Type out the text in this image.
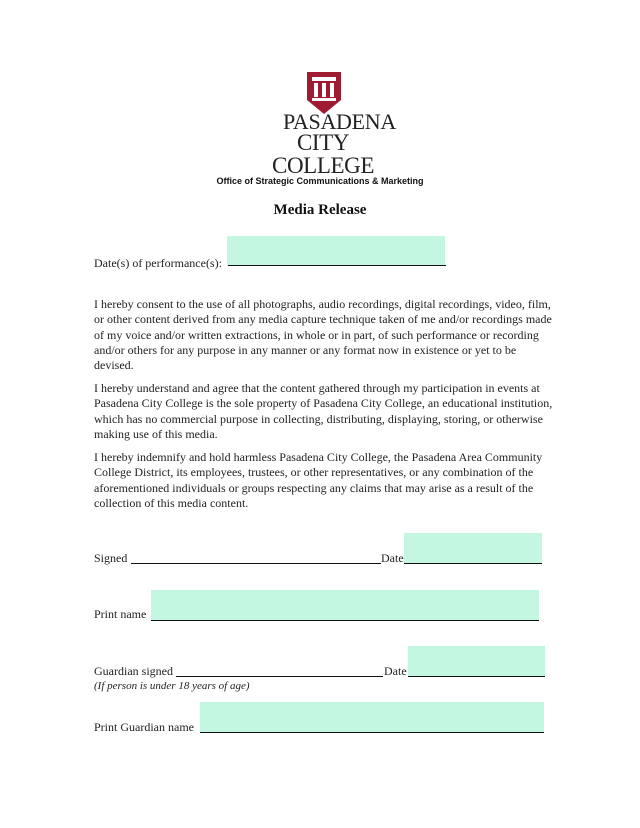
PASADENA
CITY COLLEGE
Office of Strategic Communications & Marketing
Media Release
Date(s) of performance(s):
I hereby consent to the use of all photographs, audio recordings, digital recordings, video, film, or other content derived from any media capture technique taken of me and/or recordings made of my voice and/or written extractions, in whole or in part, of such performance or recording and/or others for any purpose in any manner or any format now in existence or yet to be devised.
I hereby understand and agree that the content gathered through my participation in events at Pasadena City College is the sole property of Pasadena City College, an educational institution, which has no commercial purpose in collecting, distributing, displaying, storing, or otherwise making use of this media.
I hereby indemnify and hold harmless Pasadena City College, the Pasadena Area Community College District, its employees, trustees, or other representatives, or any combination of the aforementioned individuals or groups respecting any claims that may arise as a result of the collection of this media content.
Signed	Date
Print name
Guardian signed	Date
(If person is under 18 years of age)
Print Guardian name
